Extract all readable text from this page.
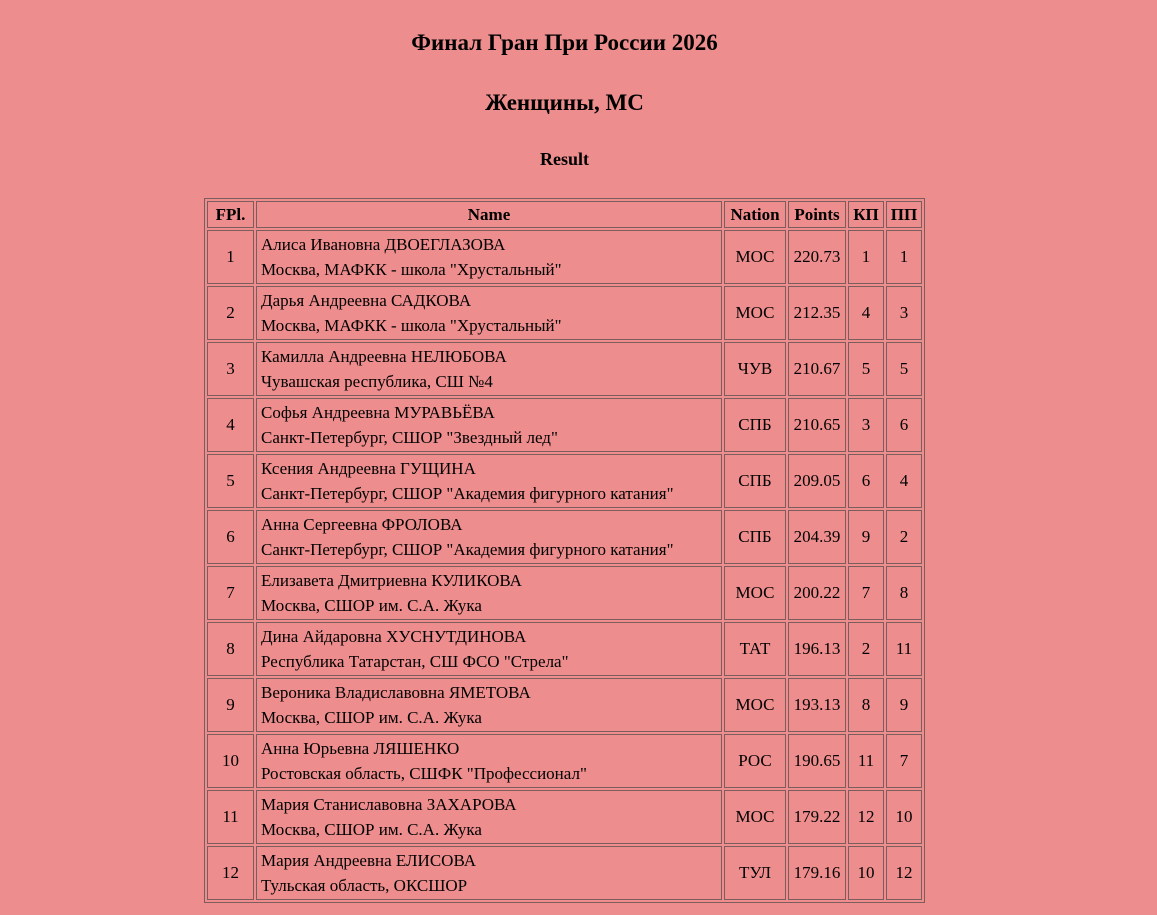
Финал Гран При России 2026
Женщины, МС
Result
FPl.	Name	Nation	Points	КП	ПП
1	Алиса Ивановна ДВОЕГЛАЗОВА
Москва, МАФКК - школа "Хрустальный"	МОС	220.73	1	1
2	Дарья Андреевна САДКОВА
Москва, МАФКК - школа "Хрустальный"	МОС	212.35	4	3
3	Камилла Андреевна НЕЛЮБОВА
Чувашская республика, СШ №4	ЧУВ	210.67	5	5
4	Софья Андреевна МУРАВЬЁВА
Санкт-Петербург, СШОР "Звездный лед"	СПБ	210.65	3	6
5	Ксения Андреевна ГУЩИНА
Санкт-Петербург, СШОР "Академия фигурного катания"	СПБ	209.05	6	4
6	Анна Сергеевна ФРОЛОВА
Санкт-Петербург, СШОР "Академия фигурного катания"	СПБ	204.39	9	2
7	Елизавета Дмитриевна КУЛИКОВА
Москва, СШОР им. С.А. Жука	МОС	200.22	7	8
8	Дина Айдаровна ХУСНУТДИНОВА
Республика Татарстан, СШ ФСО "Стрела"	ТАТ	196.13	2	11
9	Вероника Владиславовна ЯМЕТОВА
Москва, СШОР им. С.А. Жука	МОС	193.13	8	9
10	Анна Юрьевна ЛЯШЕНКО
Ростовская область, СШФК "Профессионал"	РОС	190.65	11	7
11	Мария Станиславовна ЗАХАРОВА
Москва, СШОР им. С.А. Жука	МОС	179.22	12	10
12	Мария Андреевна ЕЛИСОВА
Тульская область, ОКСШОР	ТУЛ	179.16	10	12
